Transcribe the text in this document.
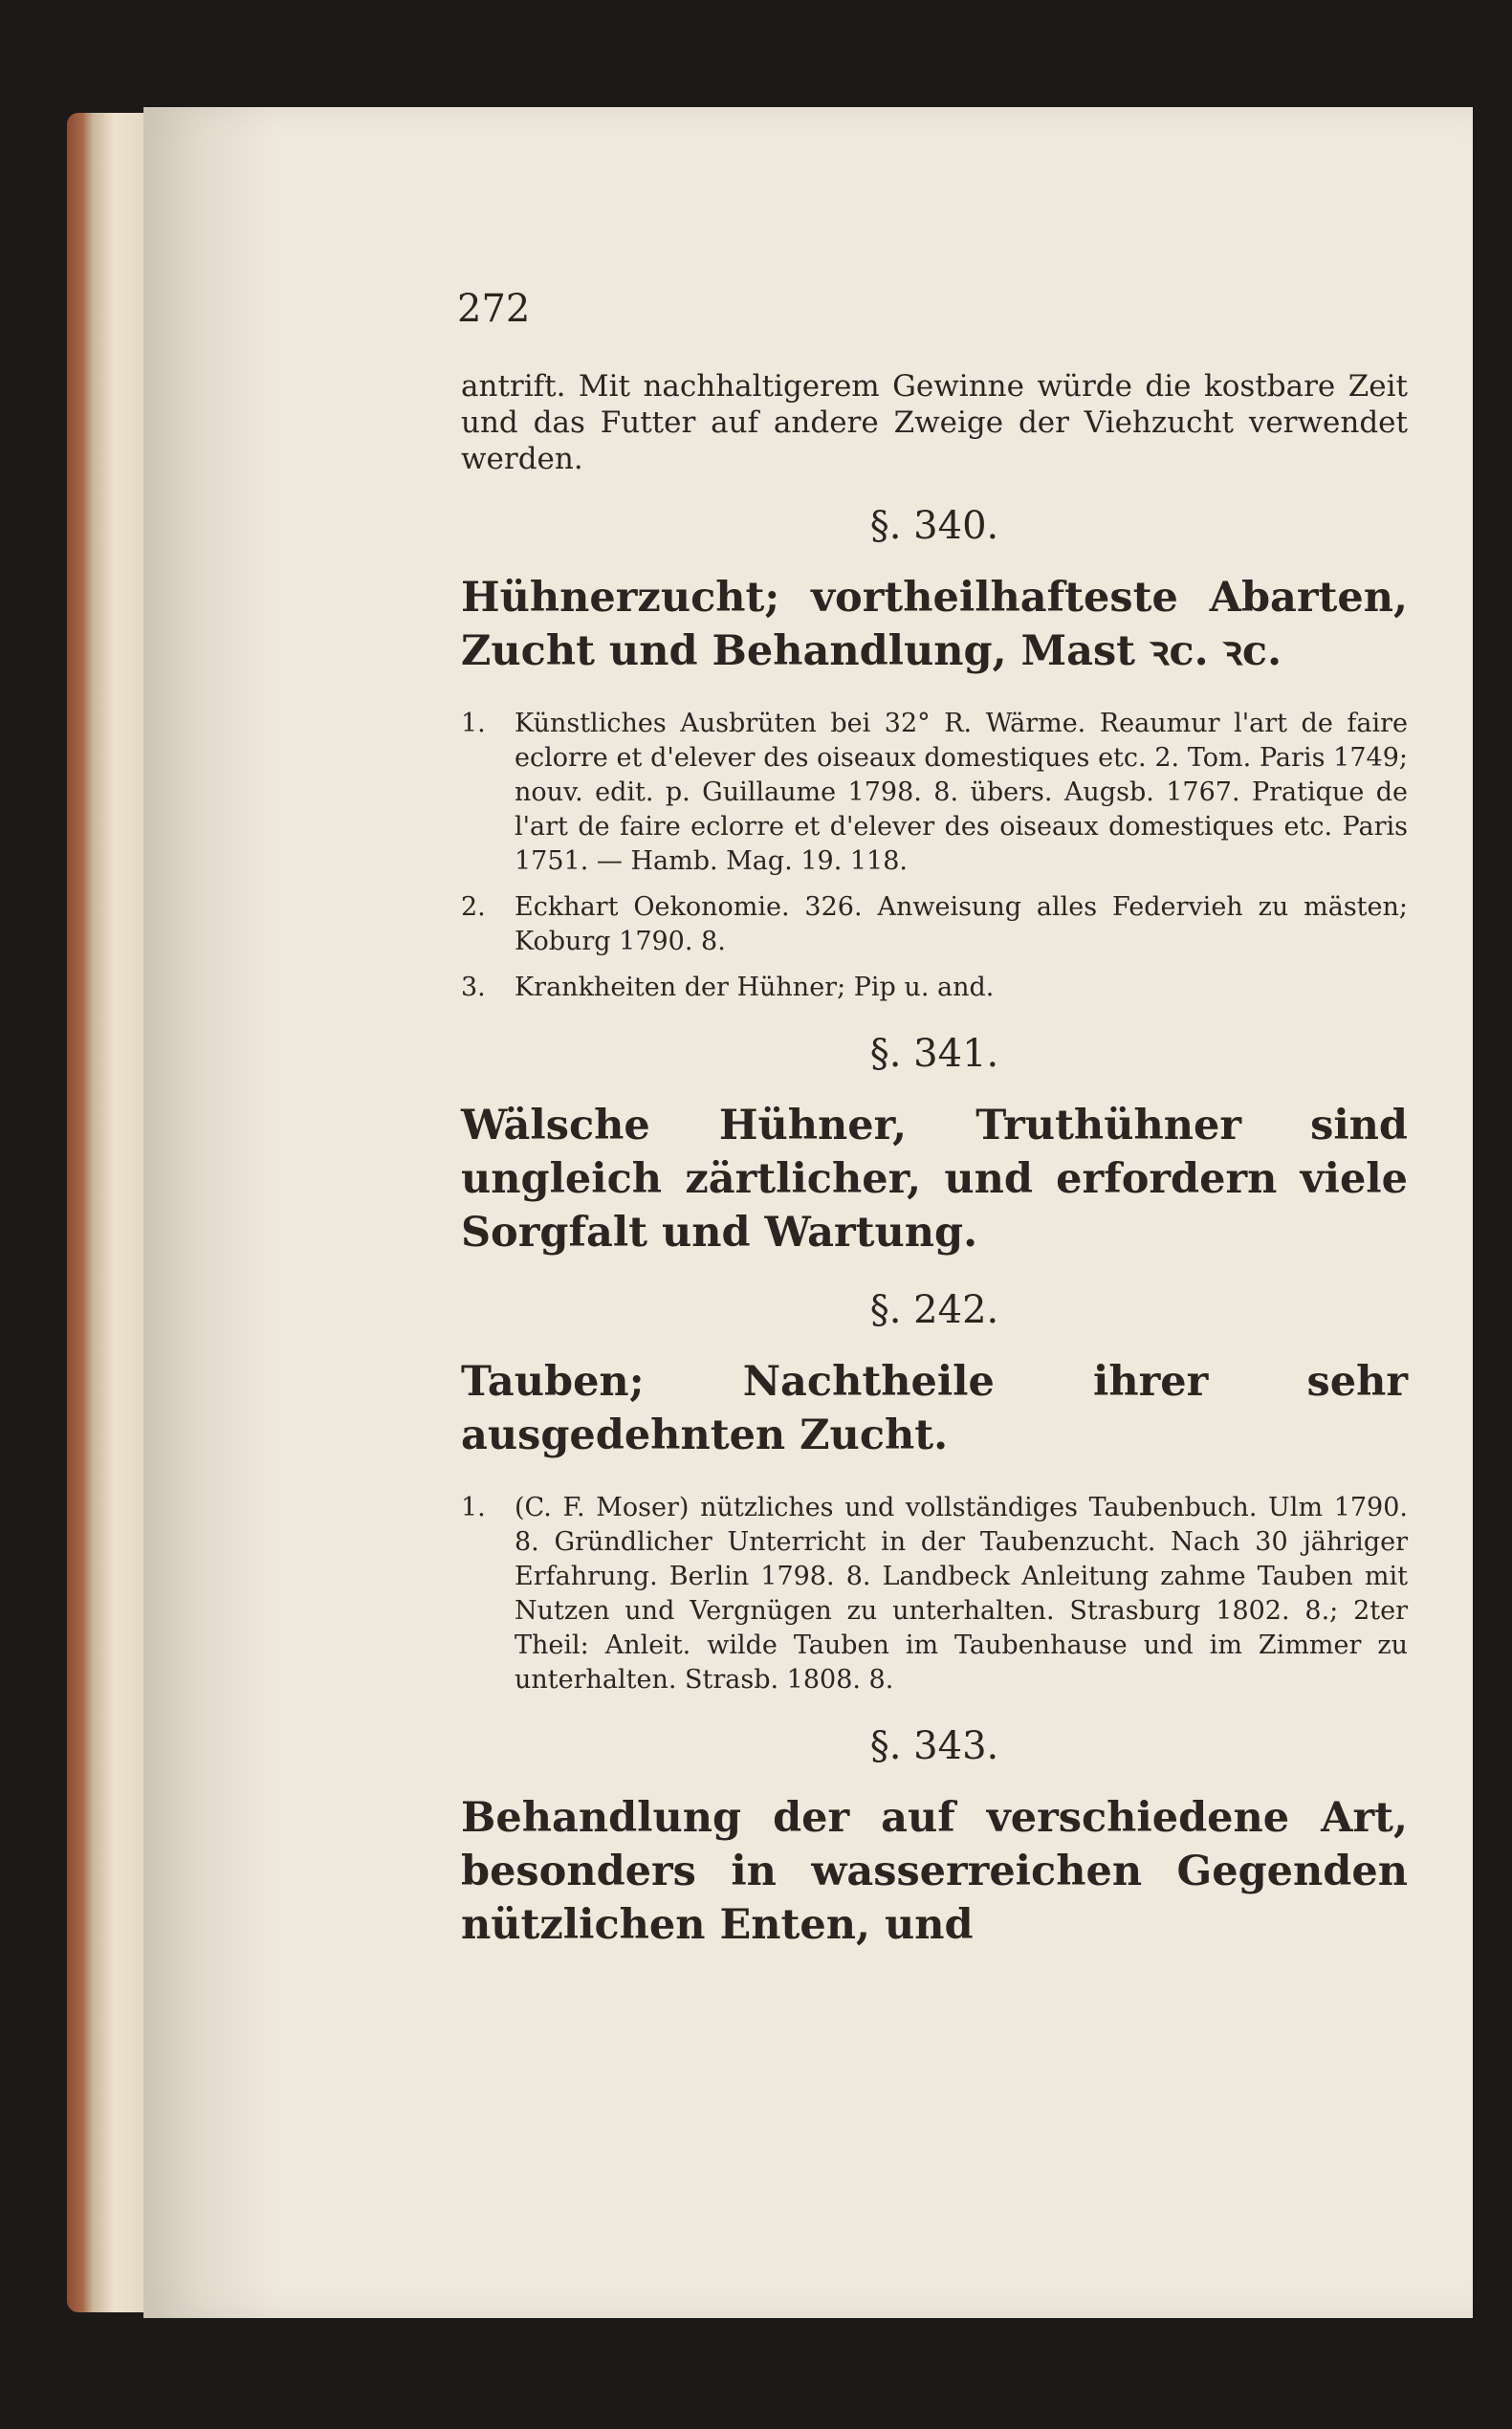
272

antrift. Mit nachhaltigerem Gewinne würde die kostbare Zeit und das Futter auf andere Zweige der Viehzucht verwendet werden.

§. 340.
Hühnerzucht; vortheilhafteste Abarten, Zucht und Behandlung, Mast ꝛc. ꝛc.
1. Künstliches Ausbrüten bei 32° R. Wärme. Reaumur l'art de faire eclorre et d'elever des oiseaux domestiques etc. 2. Tom. Paris 1749; nouv. edit. p. Guillaume 1798. 8. übers. Augsb. 1767. Pratique de l'art de faire eclorre et d'elever des oiseaux domestiques etc. Paris 1751. — Hamb. Mag. 19. 118.
2. Eckhart Oekonomie. 326. Anweisung alles Federvieh zu mästen; Koburg 1790. 8.
3. Krankheiten der Hühner; Pip u. and.
§. 341.
Wälsche Hühner, Truthühner sind ungleich zärtlicher, und erfordern viele Sorgfalt und Wartung.
§. 242.
Tauben; Nachtheile ihrer sehr ausgedehnten Zucht.
1. (C. F. Moser) nützliches und vollständiges Taubenbuch. Ulm 1790. 8. Gründlicher Unterricht in der Taubenzucht. Nach 30 jähriger Erfahrung. Berlin 1798. 8. Landbeck Anleitung zahme Tauben mit Nutzen und Vergnügen zu unterhalten. Strasburg 1802. 8.; 2ter Theil: Anleit. wilde Tauben im Taubenhause und im Zimmer zu unterhalten. Strasb. 1808. 8.
§. 343.
Behandlung der auf verschiedene Art, besonders in wasserreichen Gegenden nützlichen Enten, und
